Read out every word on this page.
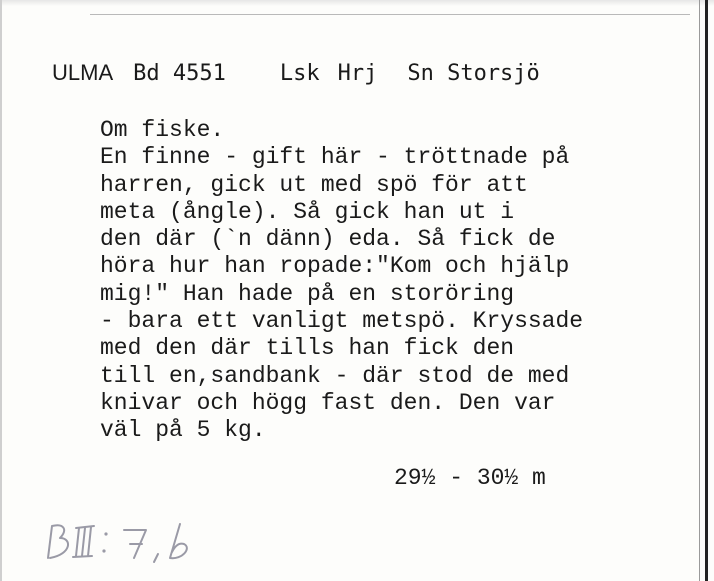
ULMA Bd 4551 Lsk Hrj Sn Storsjö
Om fiske.
En finne - gift här - tröttnade på
harren, gick ut med spö för att
meta (ångle). Så gick han ut i
den där (`n dänn) eda. Så fick de
höra hur han ropade:"Kom och hjälp
mig!" Han hade på en storöring
- bara ett vanligt metspö. Kryssade
med den där tills han fick den
till en,sandbank - där stod de med
knivar och högg fast den. Den var
väl på 5 kg.
29½ - 30½ m
